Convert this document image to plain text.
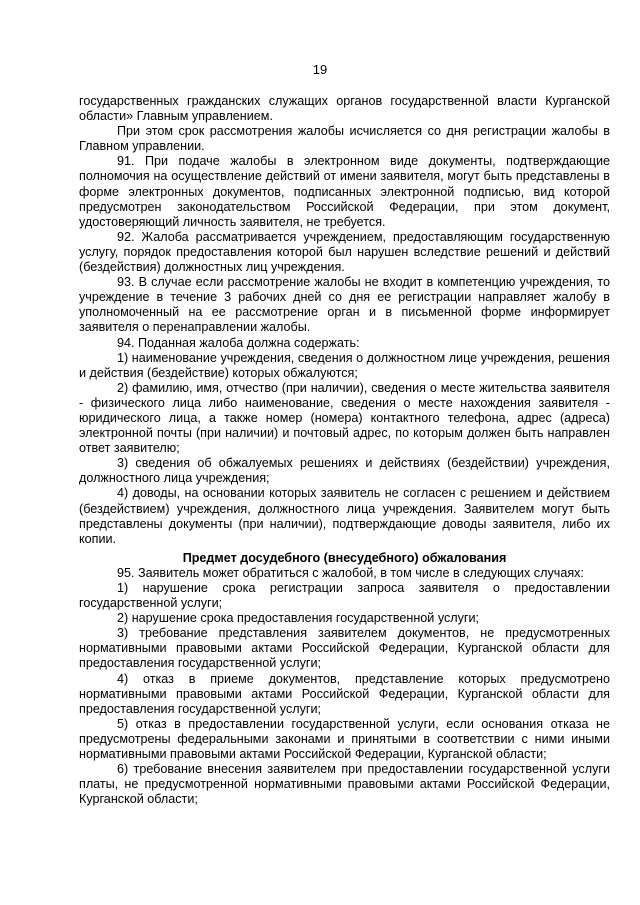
19

государственных гражданских служащих органов государственной власти Курганской области» Главным управлением.

При этом срок рассмотрения жалобы исчисляется со дня регистрации жалобы в Главном управлении.

91. При подаче жалобы в электронном виде документы, подтверждающие полномочия на осуществление действий от имени заявителя, могут быть представлены в форме электронных документов, подписанных электронной подписью, вид которой предусмотрен законодательством Российской Федерации, при этом документ, удостоверяющий личность заявителя, не требуется.

92. Жалоба рассматривается учреждением, предоставляющим государственную услугу, порядок предоставления которой был нарушен вследствие решений и действий (бездействия) должностных лиц учреждения.

93. В случае если рассмотрение жалобы не входит в компетенцию учреждения, то учреждение в течение 3 рабочих дней со дня ее регистрации направляет жалобу в уполномоченный на ее рассмотрение орган и в письменной форме информирует заявителя о перенаправлении жалобы.

94. Поданная жалоба должна содержать:

1) наименование учреждения, сведения о должностном лице учреждения, решения и действия (бездействие) которых обжалуются;

2) фамилию, имя, отчество (при наличии), сведения о месте жительства заявителя - физического лица либо наименование, сведения о месте нахождения заявителя - юридического лица, а также номер (номера) контактного телефона, адрес (адреса) электронной почты (при наличии) и почтовый адрес, по которым должен быть направлен ответ заявителю;

3) сведения об обжалуемых решениях и действиях (бездействии) учреждения, должностного лица учреждения;

4) доводы, на основании которых заявитель не согласен с решением и действием (бездействием) учреждения, должностного лица учреждения. Заявителем могут быть представлены документы (при наличии), подтверждающие доводы заявителя, либо их копии.

Предмет досудебного (внесудебного) обжалования

95. Заявитель может обратиться с жалобой, в том числе в следующих случаях:

1) нарушение срока регистрации запроса заявителя о предоставлении государственной услуги;

2) нарушение срока предоставления государственной услуги;

3) требование представления заявителем документов, не предусмотренных нормативными правовыми актами Российской Федерации, Курганской области для предоставления государственной услуги;

4) отказ в приеме документов, представление которых предусмотрено нормативными правовыми актами Российской Федерации, Курганской области для предоставления государственной услуги;

5) отказ в предоставлении государственной услуги, если основания отказа не предусмотрены федеральными законами и принятыми в соответствии с ними иными нормативными правовыми актами Российской Федерации, Курганской области;

6) требование внесения заявителем при предоставлении государственной услуги платы, не предусмотренной нормативными правовыми актами Российской Федерации, Курганской области;
